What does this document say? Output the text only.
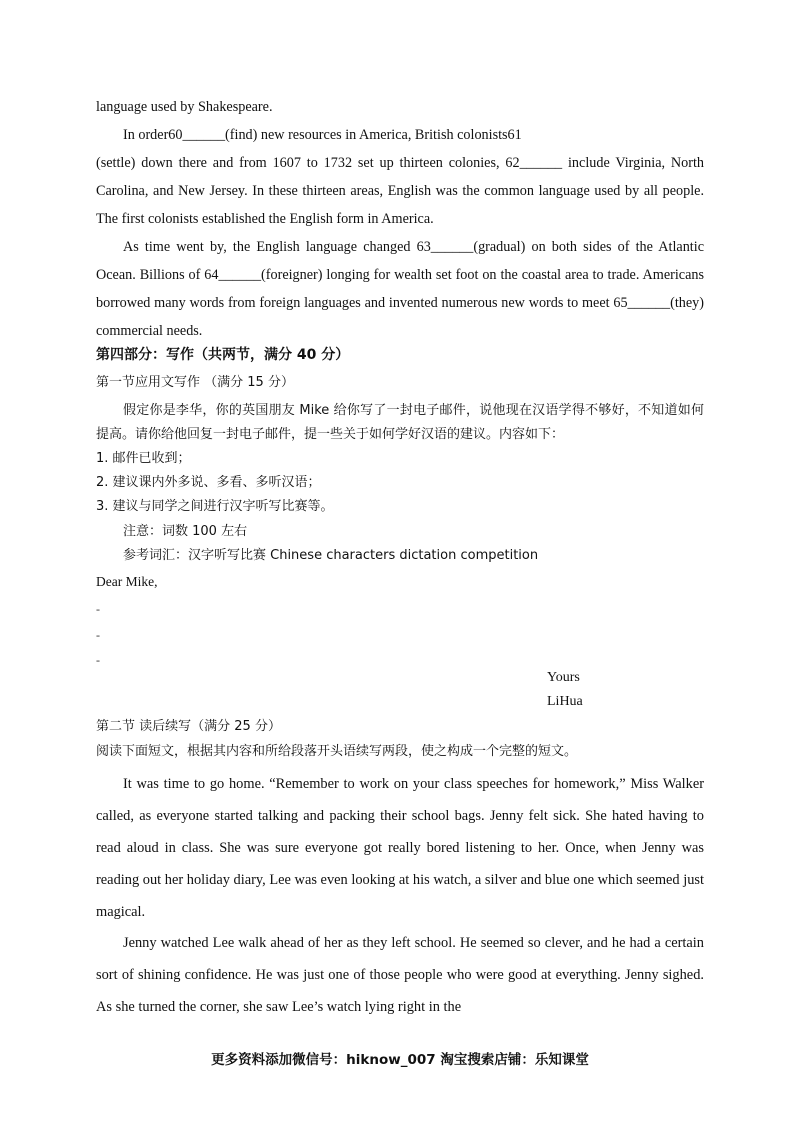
language used by Shakespeare.

In order60______(find) new resources in America, British colonists61

(settle) down there and from 1607 to 1732 set up thirteen colonies, 62______ include Virginia, North Carolina, and New Jersey. In these thirteen areas, English was the common language used by all people. The first colonists established the English form in America.

As time went by, the English language changed 63______(gradual) on both sides of the Atlantic Ocean. Billions of 64______(foreigner) longing for wealth set foot on the coastal area to trade. Americans borrowed many words from foreign languages and invented numerous new words to meet 65______(they) commercial needs.

第四部分：写作（共两节，满分 40 分）

第一节应用文写作 （满分 15 分）

假定你是李华，你的英国朋友 Mike 给你写了一封电子邮件，说他现在汉语学得不够好，不知道如何提高。请你给他回复一封电子邮件，提一些关于如何学好汉语的建议。内容如下：

1. 邮件已收到；

2. 建议课内外多说、多看、多听汉语；

3. 建议与同学之间进行汉字听写比赛等。

注意：词数 100 左右

参考词汇：汉字听写比赛 Chinese characters dictation competition

Dear Mike,

-
-
-
Yours
LiHua

第二节 读后续写（满分 25 分）

阅读下面短文，根据其内容和所给段落开头语续写两段，使之构成一个完整的短文。

It was time to go home. “Remember to work on your class speeches for homework,” Miss Walker called, as everyone started talking and packing their school bags. Jenny felt sick. She hated having to read aloud in class. She was sure everyone got really bored listening to her. Once, when Jenny was reading out her holiday diary, Lee was even looking at his watch, a silver and blue one which seemed just magical.

Jenny watched Lee walk ahead of her as they left school. He seemed so clever, and he had a certain sort of shining confidence. He was just one of those people who were good at everything. Jenny sighed. As she turned the corner, she saw Lee’s watch lying right in the

更多资料添加微信号：hiknow_007 淘宝搜索店铺：乐知课堂
